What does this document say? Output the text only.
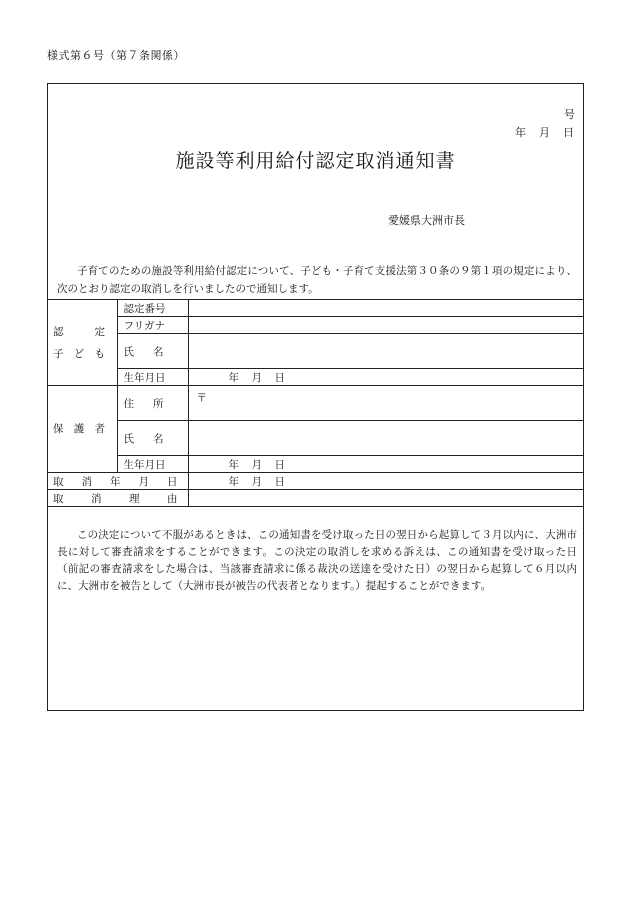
様式第６号（第７条関係）
号
年　月　日
施設等利用給付認定取消通知書
愛媛県大洲市長
子育てのための施設等利用給付認定について、子ども・子育て支援法第３０条の９第１項の規定により、次のとおり認定の取消しを行いましたので通知します。
認 定
子 ど も	認定番号	
	フリガナ	

	氏 名	

	生年月日	年　月　日

保 護 者	住 所	〒

	氏 名	

	生年月日	年　月　日

取 消 年 月 日		年　月　日

取 消 理 由		

この決定について不服があるときは、この通知書を受け取った日の翌日から起算して３月以内に、大洲市長に対して審査請求をすることができます。この決定の取消しを求める訴えは、この通知書を受け取った日（前記の審査請求をした場合は、当該審査請求に係る裁決の送達を受けた日）の翌日から起算して６月以内に、大洲市を被告として（大洲市長が被告の代表者となります。）提起することができます。
